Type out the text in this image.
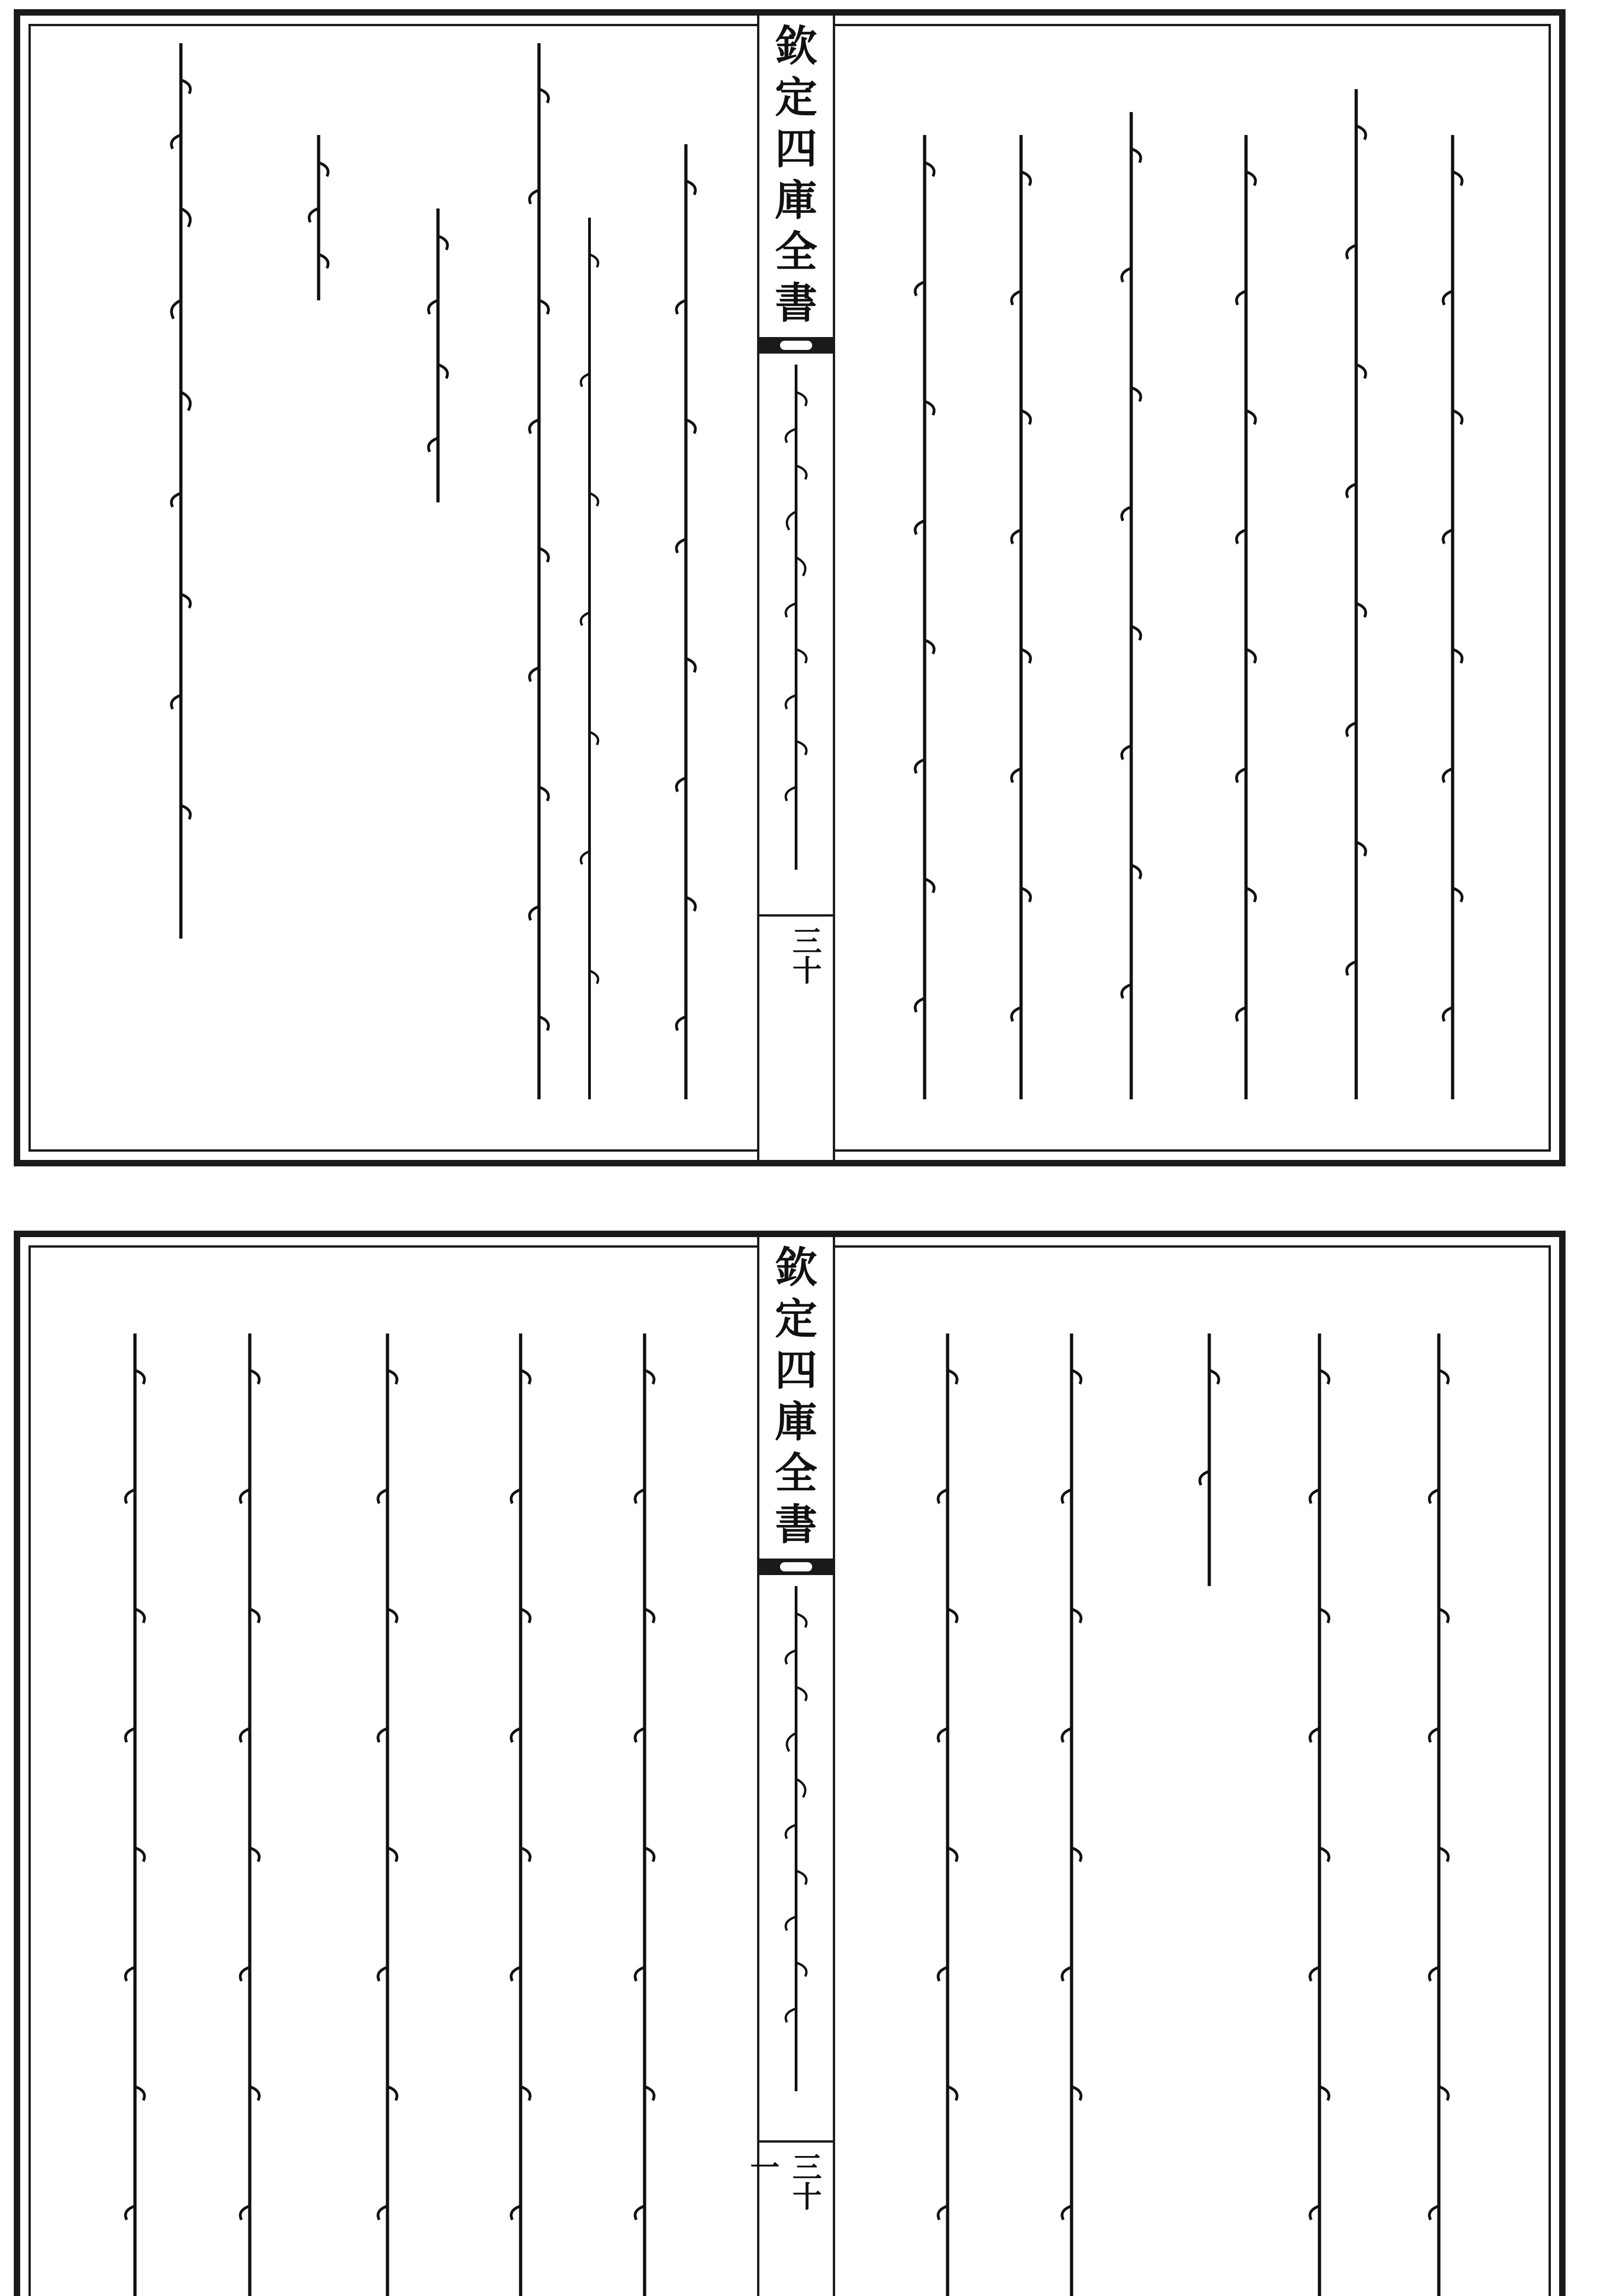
欽
定
四
庫
全
書
三十
欽
定
四
庫
全
書
三十一
